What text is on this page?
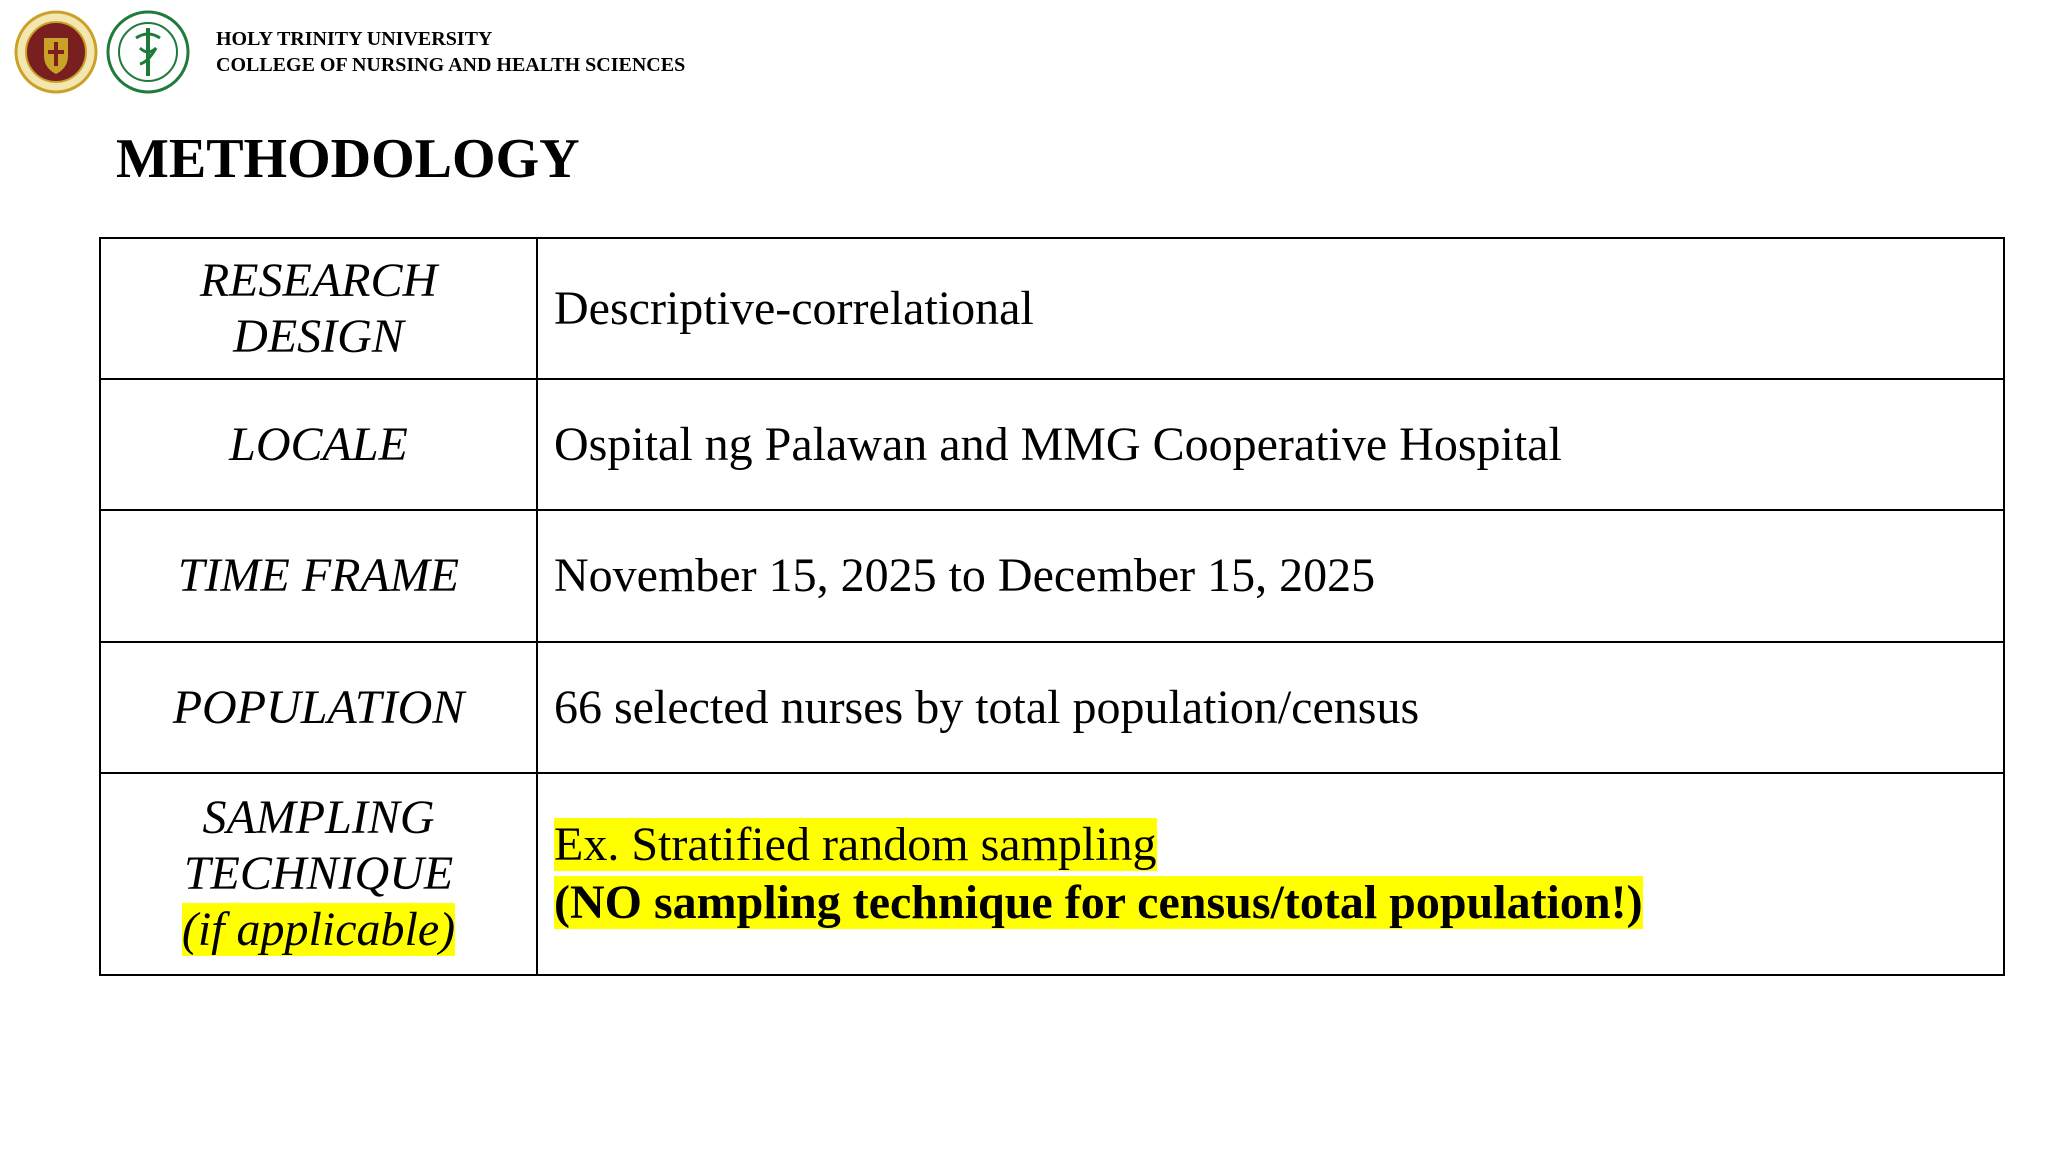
HOLY TRINITY UNIVERSITY
COLLEGE OF NURSING AND HEALTH SCIENCES
METHODOLOGY
RESEARCH
DESIGN	Descriptive-correlational
LOCALE	Ospital ng Palawan and MMG Cooperative Hospital
TIME FRAME	November 15, 2025 to December 15, 2025
POPULATION	66 selected nurses by total population/census

SAMPLING
TECHNIQUE
(if applicable)	Ex. Stratified random sampling
(NO sampling technique for census/total population!)
